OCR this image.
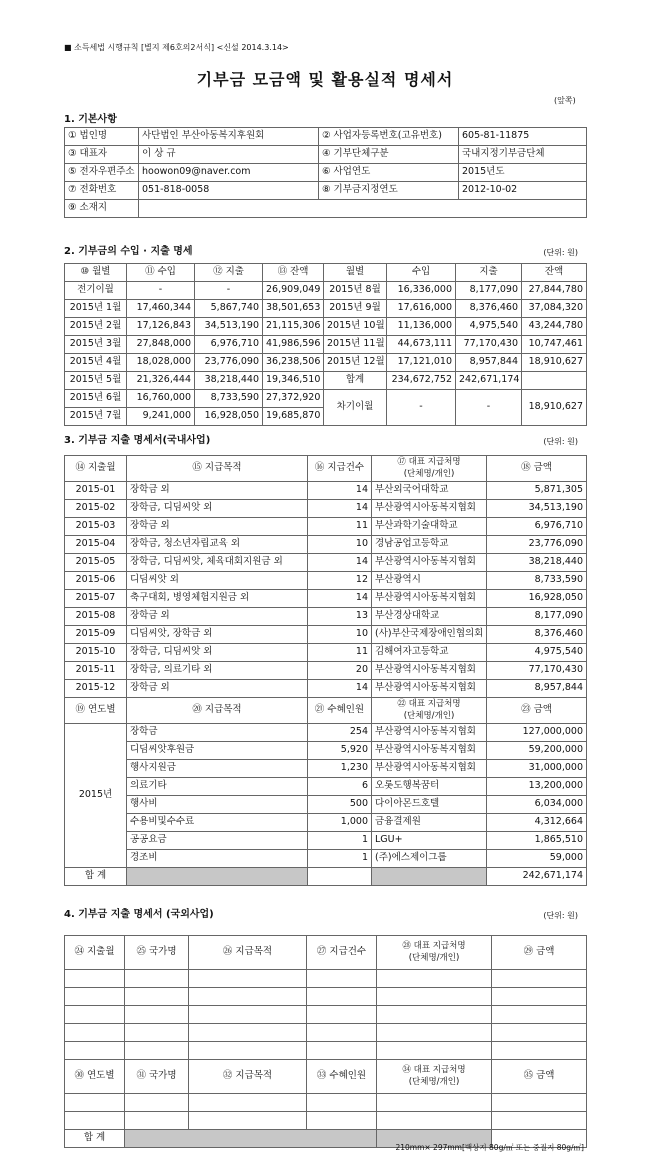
■ 소득세법 시행규칙 [별지 제6호의2서식] <신설 2014.3.14>
기부금 모금액 및 활용실적 명세서
(앞쪽)
1. 기본사항
① 법인명	사단법인 부산아동복지후원회	② 사업자등록번호(고유번호)	605-81-11875
③ 대표자	이 상 규	④ 기부단체구분	국내지정기부금단체
⑤ 전자우편주소	hoowon09@naver.com	⑥ 사업연도	2015년도
⑦ 전화번호	051-818-0058	⑧ 기부금지정연도	2012-10-02
⑨ 소재지			
2. 기부금의 수입 · 지출 명세	(단위: 원)
⑩ 월별	⑪ 수입	⑫ 지출	⑬ 잔액	월별	수입	지출	잔액
전기이월	-	-	26,909,049	2015년 8월	16,336,000	8,177,090	27,844,780
2015년 1월	17,460,344	5,867,740	38,501,653	2015년 9월	17,616,000	8,376,460	37,084,320
2015년 2월	17,126,843	34,513,190	21,115,306	2015년 10월	11,136,000	4,975,540	43,244,780
2015년 3월	27,848,000	6,976,710	41,986,596	2015년 11월	44,673,111	77,170,430	10,747,461
2015년 4월	18,028,000	23,776,090	36,238,506	2015년 12월	17,121,010	8,957,844	18,910,627
2015년 5월	21,326,444	38,218,440	19,346,510	합계	234,672,752	242,671,174	
2015년 6월	16,760,000	8,733,590	27,372,920	차기이월	-	-	18,910,627
2015년 7월	9,241,000	16,928,050	19,685,870				
3. 기부금 지출 명세서(국내사업)	(단위: 원)
⑭ 지출월	⑮ 지급목적	⑯ 지급건수	⑰ 대표 지급처명
(단체명/개인)	⑱ 금액
2015-01	장학금 외	14	부산외국어대학교	5,871,305
2015-02	장학금, 디딤씨앗 외	14	부산광역시아동복지협회	34,513,190
2015-03	장학금 외	11	부산과학기술대학교	6,976,710
2015-04	장학금, 청소년자립교육 외	10	경남공업고등학교	23,776,090
2015-05	장학금, 디딤씨앗, 체육대회지원금 외	14	부산광역시아동복지협회	38,218,440
2015-06	디딤씨앗 외	12	부산광역시	8,733,590
2015-07	축구대회, 병영체험지원금 외	14	부산광역시아동복지협회	16,928,050
2015-08	장학금 외	13	부산경상대학교	8,177,090
2015-09	디딤씨앗, 장학금 외	10	(사)부산국제장애인협의회	8,376,460
2015-10	장학금, 디딤씨앗 외	11	김해여자고등학교	4,975,540
2015-11	장학금, 의료기타 외	20	부산광역시아동복지협회	77,170,430
2015-12	장학금 외	14	부산광역시아동복지협회	8,957,844
⑲ 연도별	⑳ 지급목적	㉑ 수혜인원	㉒ 대표 지급처명
(단체명/개인)	㉓ 금액
2015년	장학금	254	부산광역시아동복지협회	127,000,000
	디딤씨앗후원금	5,920	부산광역시아동복지협회	59,200,000
	행사지원금	1,230	부산광역시아동복지협회	31,000,000
	의료기타	6	오롯도행복꿈터	13,200,000
	행사비	500	다이아몬드호텔	6,034,000
	수용비및수수료	1,000	금융결제원	4,312,664
	공공요금	1	LGU+	1,865,510
	경조비	1	(주)에스제이그룹	59,000
합 계				242,671,174
4. 기부금 지출 명세서 (국외사업)	(단위: 원)
㉔ 지출월	㉕ 국가명	㉖ 지급목적	㉗ 지급건수	㉘ 대표 지급처명
(단체명/개인)	㉙ 금액

㉚ 연도별	㉛ 국가명	㉜ 지급목적	㉝ 수혜인원	㉞ 대표 지급처명
(단체명/개인)	㉟ 금액

합 계					
210mm× 297mm[백상지 80g/㎡ 또는 중질지 80g/㎡]
